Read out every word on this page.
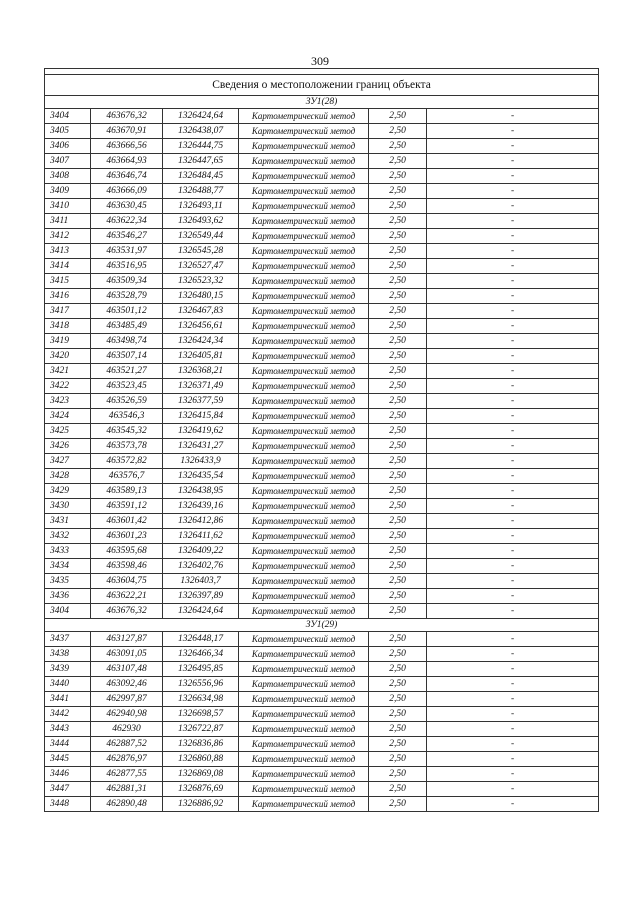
309

Сведения о местоположении границ объекта					
ЗУ1(28)					
3404	463676,32	1326424,64	Картометрический метод	2,50	-
3405	463670,91	1326438,07	Картометрический метод	2,50	-
3406	463666,56	1326444,75	Картометрический метод	2,50	-
3407	463664,93	1326447,65	Картометрический метод	2,50	-
3408	463646,74	1326484,45	Картометрический метод	2,50	-
3409	463666,09	1326488,77	Картометрический метод	2,50	-
3410	463630,45	1326493,11	Картометрический метод	2,50	-
3411	463622,34	1326493,62	Картометрический метод	2,50	-
3412	463546,27	1326549,44	Картометрический метод	2,50	-
3413	463531,97	1326545,28	Картометрический метод	2,50	-
3414	463516,95	1326527,47	Картометрический метод	2,50	-
3415	463509,34	1326523,32	Картометрический метод	2,50	-
3416	463528,79	1326480,15	Картометрический метод	2,50	-
3417	463501,12	1326467,83	Картометрический метод	2,50	-
3418	463485,49	1326456,61	Картометрический метод	2,50	-
3419	463498,74	1326424,34	Картометрический метод	2,50	-
3420	463507,14	1326405,81	Картометрический метод	2,50	-
3421	463521,27	1326368,21	Картометрический метод	2,50	-
3422	463523,45	1326371,49	Картометрический метод	2,50	-
3423	463526,59	1326377,59	Картометрический метод	2,50	-
3424	463546,3	1326415,84	Картометрический метод	2,50	-
3425	463545,32	1326419,62	Картометрический метод	2,50	-
3426	463573,78	1326431,27	Картометрический метод	2,50	-
3427	463572,82	1326433,9	Картометрический метод	2,50	-
3428	463576,7	1326435,54	Картометрический метод	2,50	-
3429	463589,13	1326438,95	Картометрический метод	2,50	-
3430	463591,12	1326439,16	Картометрический метод	2,50	-
3431	463601,42	1326412,86	Картометрический метод	2,50	-
3432	463601,23	1326411,62	Картометрический метод	2,50	-
3433	463595,68	1326409,22	Картометрический метод	2,50	-
3434	463598,46	1326402,76	Картометрический метод	2,50	-
3435	463604,75	1326403,7	Картометрический метод	2,50	-
3436	463622,21	1326397,89	Картометрический метод	2,50	-
3404	463676,32	1326424,64	Картометрический метод	2,50	-
ЗУ1(29)					
3437	463127,87	1326448,17	Картометрический метод	2,50	-
3438	463091,05	1326466,34	Картометрический метод	2,50	-
3439	463107,48	1326495,85	Картометрический метод	2,50	-
3440	463092,46	1326556,96	Картометрический метод	2,50	-
3441	462997,87	1326634,98	Картометрический метод	2,50	-
3442	462940,98	1326698,57	Картометрический метод	2,50	-
3443	462930	1326722,87	Картометрический метод	2,50	-
3444	462887,52	1326836,86	Картометрический метод	2,50	-
3445	462876,97	1326860,88	Картометрический метод	2,50	-
3446	462877,55	1326869,08	Картометрический метод	2,50	-
3447	462881,31	1326876,69	Картометрический метод	2,50	-
3448	462890,48	1326886,92	Картометрический метод	2,50	-
